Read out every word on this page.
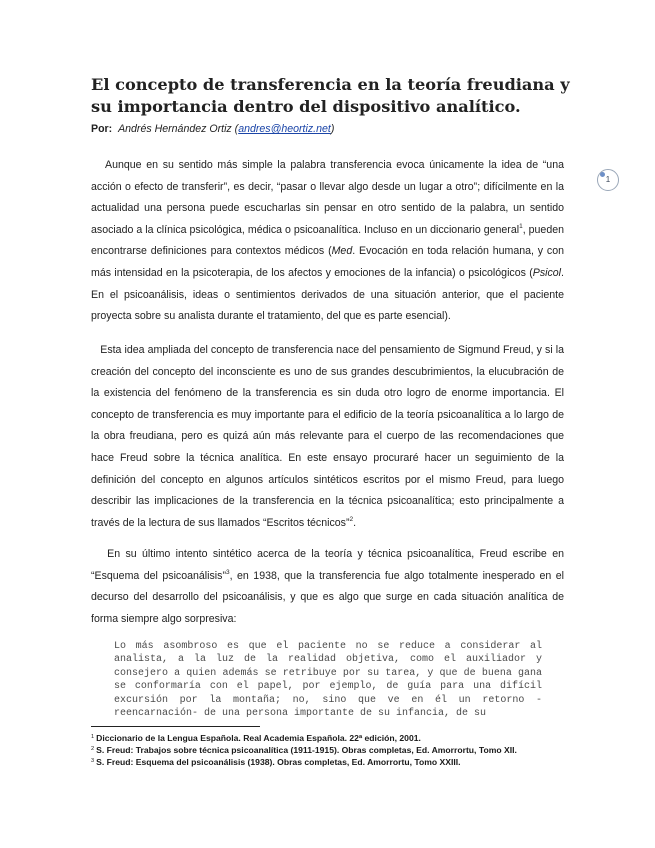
El concepto de transferencia en la teoría freudiana y su importancia dentro del dispositivo analítico.
Por: Andrés Hernández Ortiz (andres@heortiz.net)

Aunque en su sentido más simple la palabra transferencia evoca únicamente la idea de “una acción o efecto de transferir”, es decir, “pasar o llevar algo desde un lugar a otro”; difícilmente en la actualidad una persona puede escucharlas sin pensar en otro sentido de la palabra, un sentido asociado a la clínica psicológica, médica o psicoanalítica. Incluso en un diccionario general$^1$, pueden encontrarse definiciones para contextos médicos (Med. Evocación en toda relación humana, y con más intensidad en la psicoterapia, de los afectos y emociones de la infancia) o psicológicos (Psicol. En el psicoanálisis, ideas o sentimientos derivados de una situación anterior, que el paciente proyecta sobre su analista durante el tratamiento, del que es parte esencial).

Esta idea ampliada del concepto de transferencia nace del pensamiento de Sigmund Freud, y si la creación del concepto del inconsciente es uno de sus grandes descubrimientos, la elucubración de la existencia del fenómeno de la transferencia es sin duda otro logro de enorme importancia. El concepto de transferencia es muy importante para el edificio de la teoría psicoanalítica a lo largo de la obra freudiana, pero es quizá aún más relevante para el cuerpo de las recomendaciones que hace Freud sobre la técnica analítica. En este ensayo procuraré hacer un seguimiento de la definición del concepto en algunos artículos sintéticos escritos por el mismo Freud, para luego describir las implicaciones de la transferencia en la técnica psicoanalítica; esto principalmente a través de la lectura de sus llamados “Escritos técnicos”$^2$.

En su último intento sintético acerca de la teoría y técnica psicoanalítica, Freud escribe en “Esquema del psicoanálisis”$^3$, en 1938, que la transferencia fue algo totalmente inesperado en el decurso del desarrollo del psicoanálisis, y que es algo que surge en cada situación analítica de forma siempre algo sorpresiva:

Lo más asombroso es que el paciente no se reduce a considerar al analista, a la luz de la realidad objetiva, como el auxiliador y consejero a quien además se retribuye por su tarea, y que de buena gana se conformaría con el papel, por ejemplo, de guía para una difícil excursión por la montaña; no, sino que ve en él un retorno -reencarnación- de una persona importante de su infancia, de su

$^1$ Diccionario de la Lengua Española. Real Academia Española. 22ª edición, 2001.
$^2$ S. Freud: Trabajos sobre técnica psicoanalítica (1911-1915). Obras completas, Ed. Amorrortu, Tomo XII.
$^3$ S. Freud: Esquema del psicoanálisis (1938). Obras completas, Ed. Amorrortu, Tomo XXIII.
1
